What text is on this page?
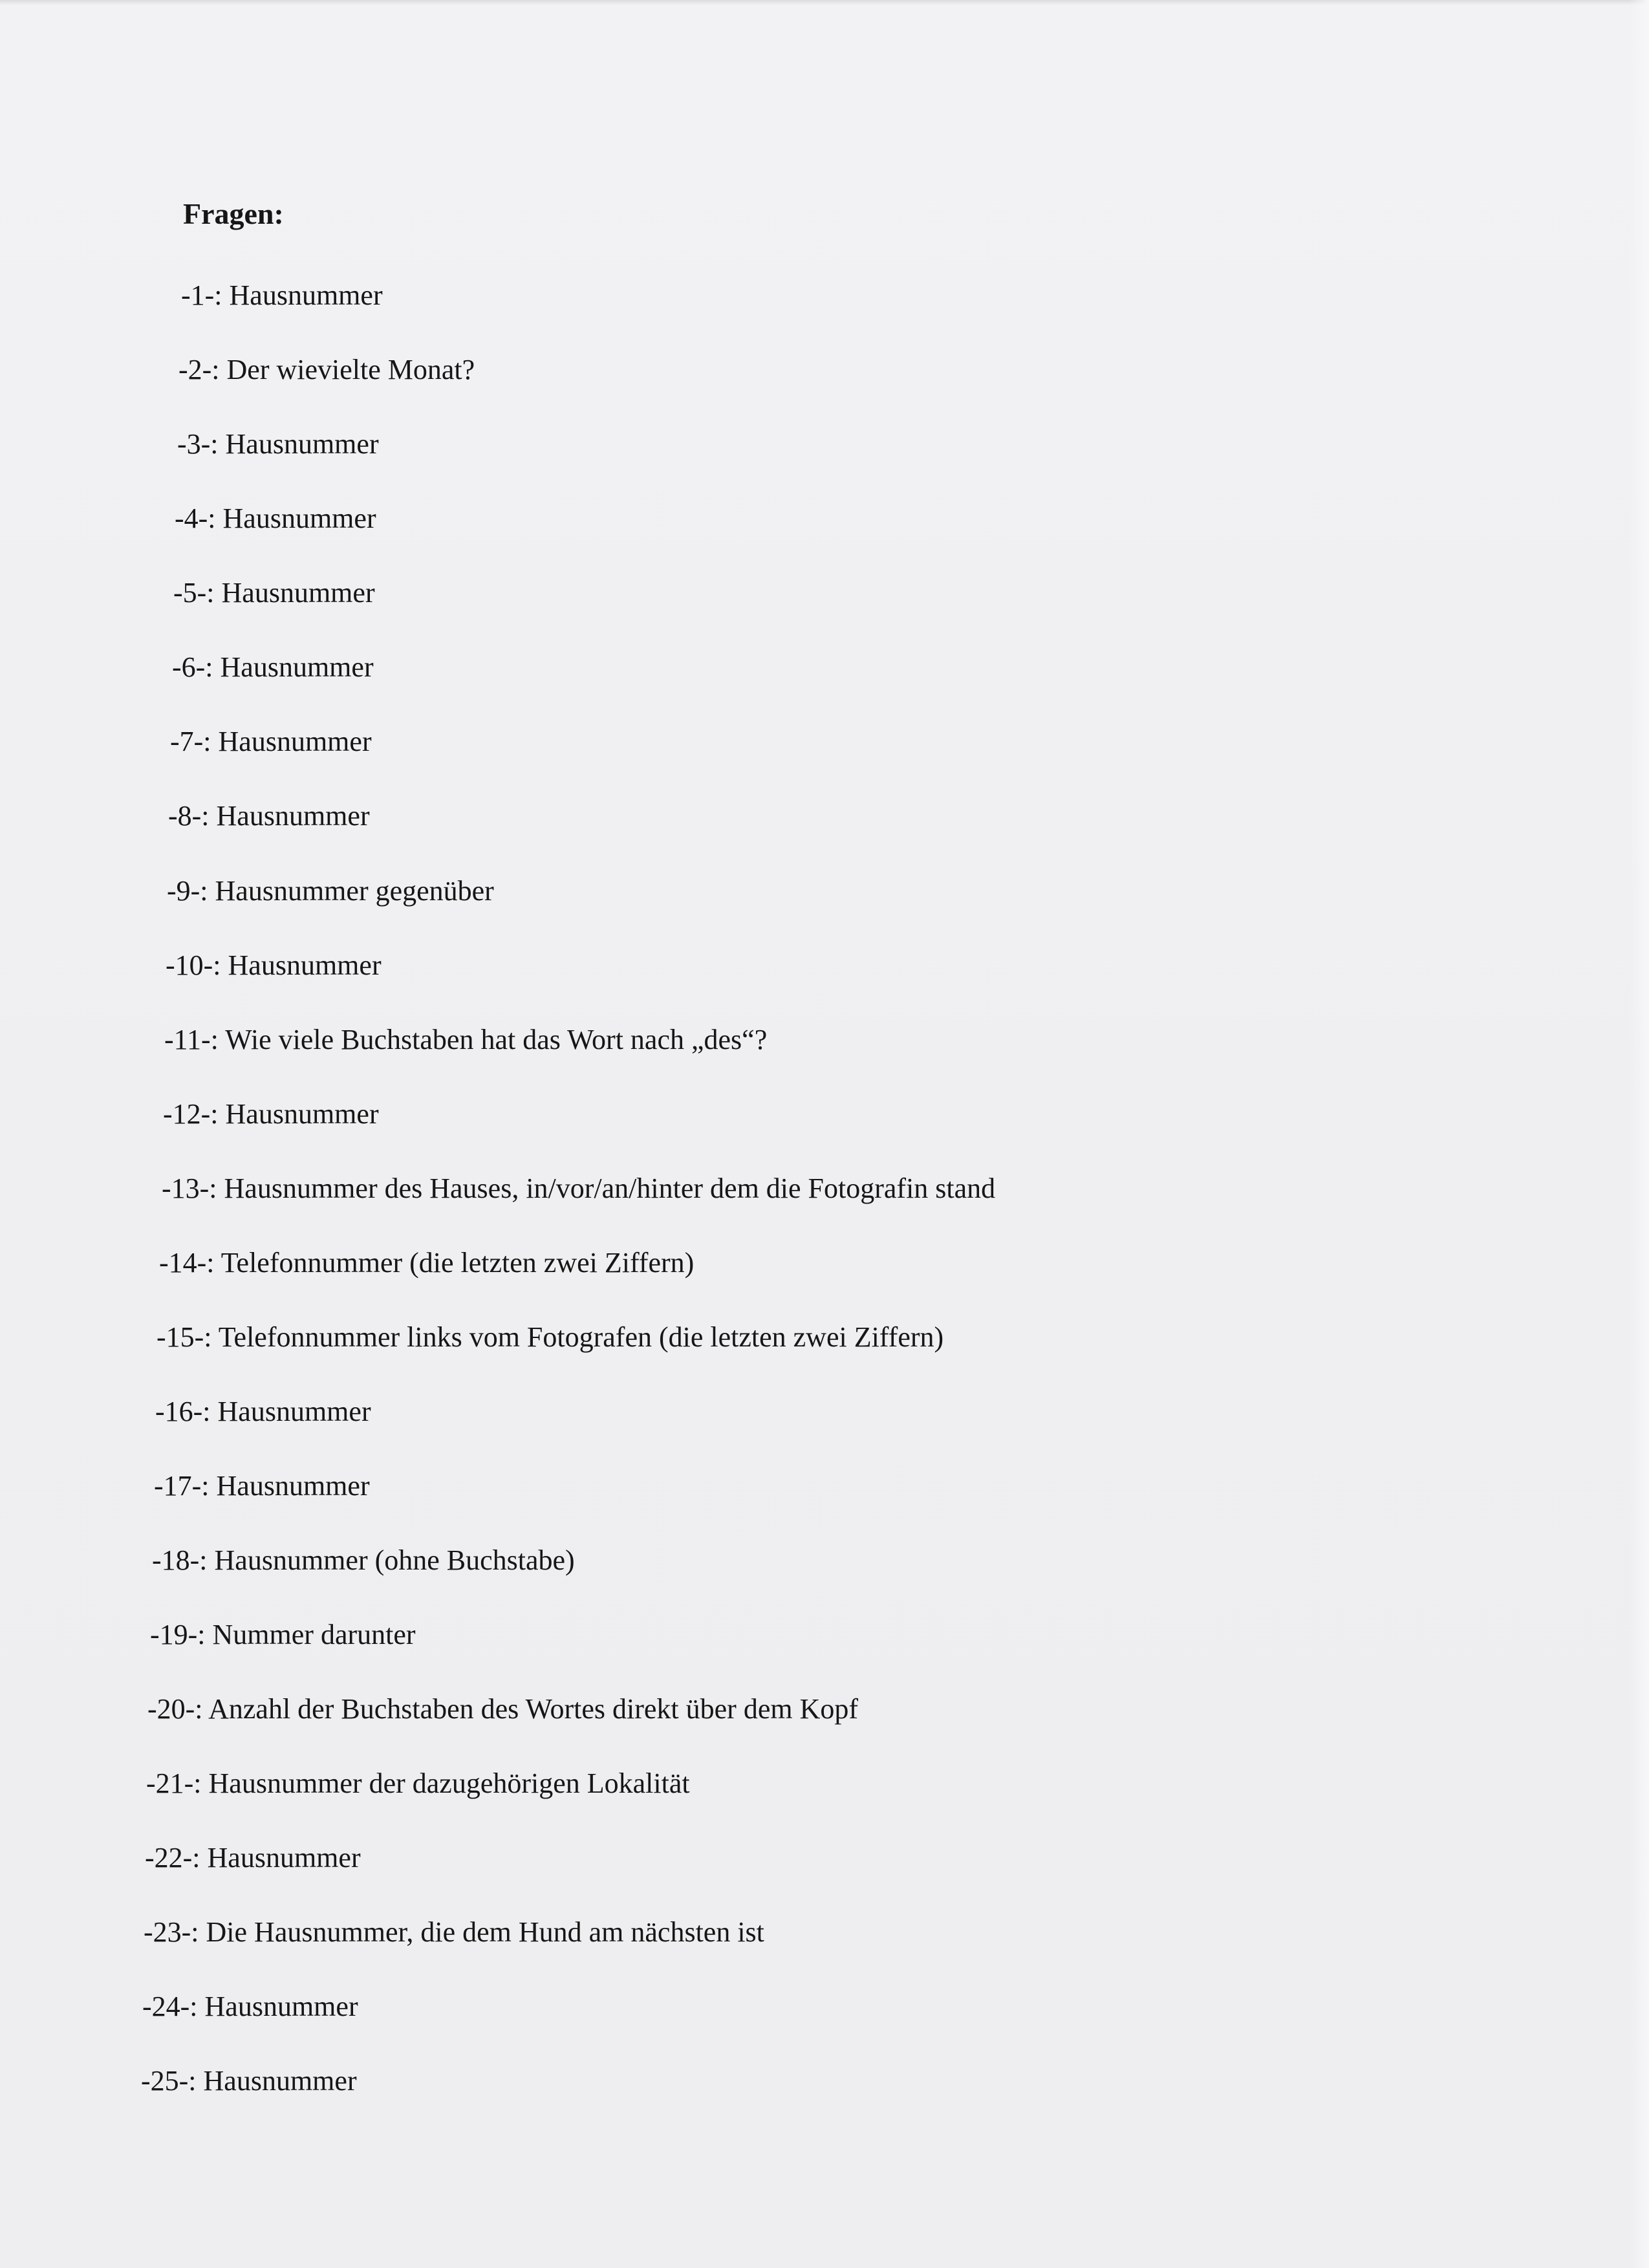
Fragen:

-1-: Hausnummer

-2-: Der wievielte Monat?

-3-: Hausnummer

-4-: Hausnummer

-5-: Hausnummer

-6-: Hausnummer

-7-: Hausnummer

-8-: Hausnummer

-9-: Hausnummer gegenüber

-10-: Hausnummer

-11-: Wie viele Buchstaben hat das Wort nach „des“?

-12-: Hausnummer

-13-: Hausnummer des Hauses, in/vor/an/hinter dem die Fotografin stand

-14-: Telefonnummer (die letzten zwei Ziffern)

-15-: Telefonnummer links vom Fotografen (die letzten zwei Ziffern)

-16-: Hausnummer

-17-: Hausnummer

-18-: Hausnummer (ohne Buchstabe)

-19-: Nummer darunter

-20-: Anzahl der Buchstaben des Wortes direkt über dem Kopf

-21-: Hausnummer der dazugehörigen Lokalität

-22-: Hausnummer

-23-: Die Hausnummer, die dem Hund am nächsten ist

-24-: Hausnummer

-25-: Hausnummer
